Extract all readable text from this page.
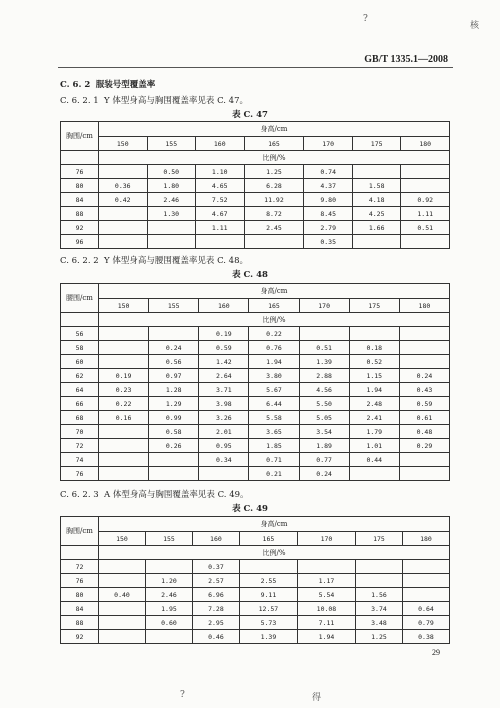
?
核
GB/T 1335.1—2008
C. 6. 2 服装号型覆盖率
C. 6. 2. 1 Y 体型身高与胸围覆盖率见表 C. 47。
表 C. 47
胸围/cm	身高/cm						
	150	155	160	165	170	175	180
	比例/%						
76		0.50	1.10	1.25	0.74		
80	0.36	1.80	4.65	6.28	4.37	1.58	
84	0.42	2.46	7.52	11.92	9.80	4.18	0.92
88		1.30	4.67	8.72	8.45	4.25	1.11
92			1.11	2.45	2.79	1.66	0.51
96					0.35		
C. 6. 2. 2 Y 体型身高与腰围覆盖率见表 C. 48。
表 C. 48
腰围/cm	身高/cm						
	150	155	160	165	170	175	180
	比例/%						
56			0.19	0.22			
58		0.24	0.59	0.76	0.51	0.18	
60		0.56	1.42	1.94	1.39	0.52	
62	0.19	0.97	2.64	3.80	2.88	1.15	0.24
64	0.23	1.28	3.71	5.67	4.56	1.94	0.43
66	0.22	1.29	3.98	6.44	5.50	2.48	0.59
68	0.16	0.99	3.26	5.58	5.05	2.41	0.61
70		0.58	2.01	3.65	3.54	1.79	0.48
72		0.26	0.95	1.85	1.89	1.01	0.29
74			0.34	0.71	0.77	0.44	
76				0.21	0.24		
C. 6. 2. 3 A 体型身高与胸围覆盖率见表 C. 49。
表 C. 49
胸围/cm	身高/cm						
	150	155	160	165	170	175	180
	比例/%						
72			0.37				
76		1.20	2.57	2.55	1.17		
80	0.40	2.46	6.96	9.11	5.54	1.56	
84		1.95	7.28	12.57	10.08	3.74	0.64
88		0.60	2.95	5.73	7.11	3.48	0.79
92			0.46	1.39	1.94	1.25	0.38
29
?	得
